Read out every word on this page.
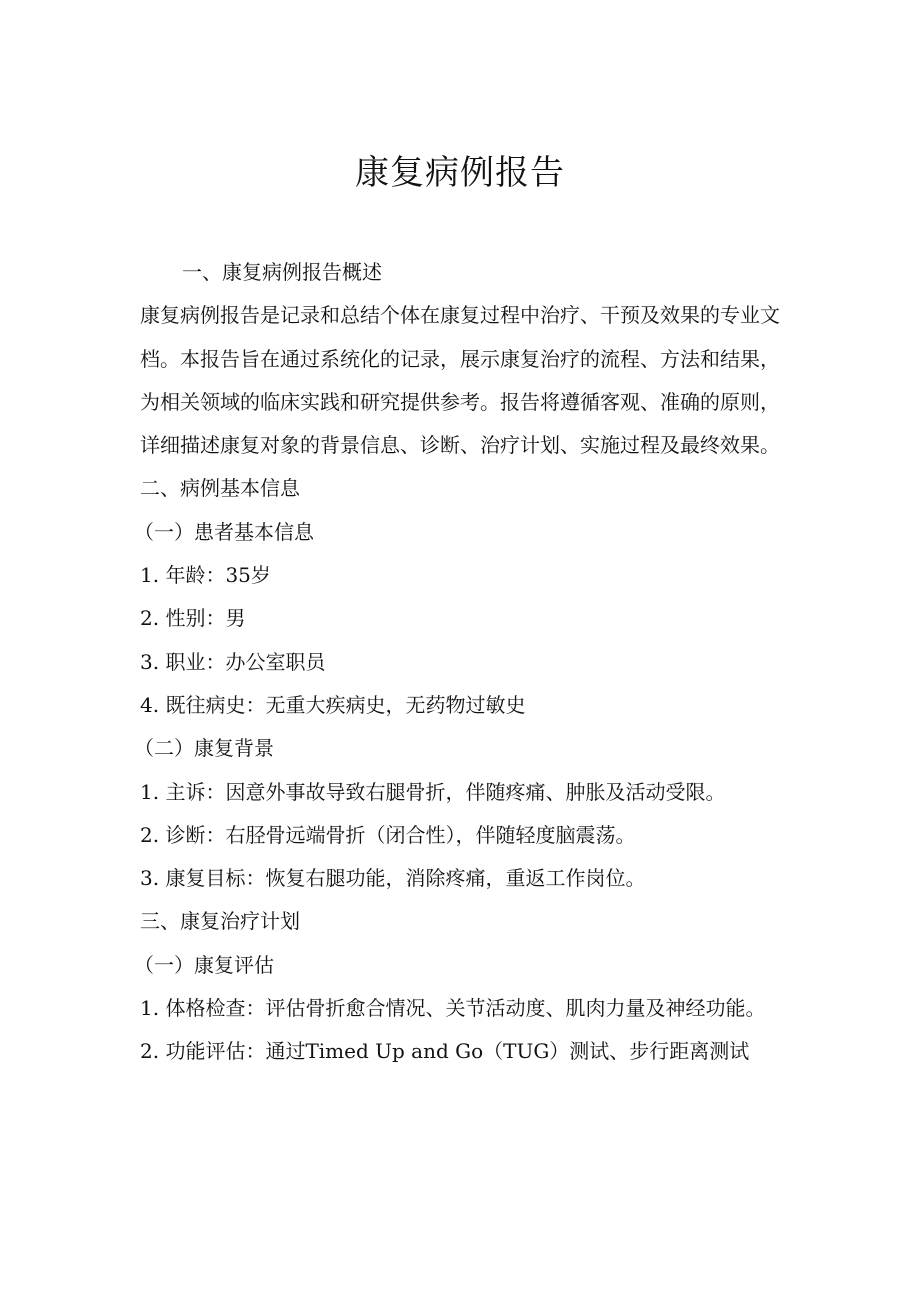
康复病例报告

一、康复病例报告概述

康复病例报告是记录和总结个体在康复过程中治疗、干预及效果的专业文档。本报告旨在通过系统化的记录，展示康复治疗的流程、方法和结果，为相关领域的临床实践和研究提供参考。报告将遵循客观、准确的原则，详细描述康复对象的背景信息、诊断、治疗计划、实施过程及最终效果。

二、病例基本信息

（一）患者基本信息

1. 年龄：35岁

2. 性别：男

3. 职业：办公室职员

4. 既往病史：无重大疾病史，无药物过敏史

（二）康复背景

1. 主诉：因意外事故导致右腿骨折，伴随疼痛、肿胀及活动受限。

2. 诊断：右胫骨远端骨折（闭合性），伴随轻度脑震荡。

3. 康复目标：恢复右腿功能，消除疼痛，重返工作岗位。

三、康复治疗计划

（一）康复评估

1. 体格检查：评估骨折愈合情况、关节活动度、肌肉力量及神经功能。

2. 功能评估：通过Timed Up and Go（TUG）测试、步行距离测试
